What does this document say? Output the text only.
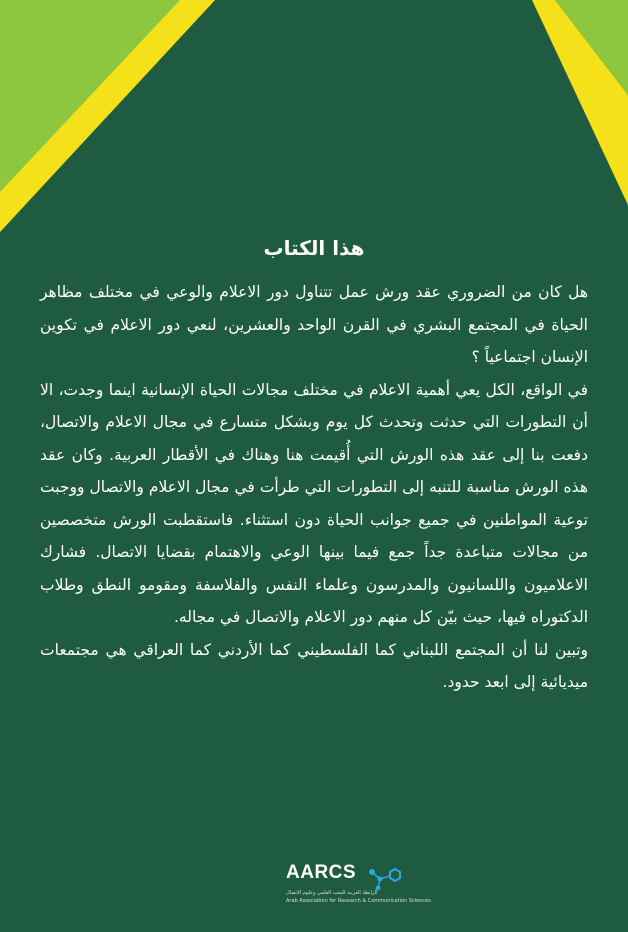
هذا الكتاب

هل كان من الضروري عقد ورش عمل تتناول دور الاعلام والوعي في مختلف مظاهر الحياة في المجتمع البشري في القرن الواحد والعشرين، لنعي دور الاعلام في تكوين الإنسان اجتماعياً ؟

في الواقع، الكل يعي أهمية الاعلام في مختلف مجالات الحياة الإنسانية اينما وجدت، الا أن التطورات التي حدثت وتحدث كل يوم وبشكل متسارع في مجال الاعلام والاتصال، دفعت بنا إلى عقد هذه الورش التي أُقيمت هنا وهناك في الأقطار العربية. وكان عقد هذه الورش مناسبة للتنبه إلى التطورات التي طرأت في مجال الاعلام والاتصال ووجبت توعية المواطنين في جميع جوانب الحياة دون استثناء. فاستقطبت الورش متخصصين من مجالات متباعدة جداً جمع فيما بينها الوعي والاهتمام بقضايا الاتصال. فشارك الاعلاميون واللسانيون والمدرسون وعلماء النفس والفلاسفة ومقومو النطق وطلاب الدكتوراه فيها، حيث بيّن كل منهم دور الاعلام والاتصال في مجاله.

وتبين لنا أن المجتمع اللبناني كما الفلسطيني كما الأردني كما العراقي هي مجتمعات ميديائية إلى ابعد حدود.

AARCS
الرابطة العربية للبحث العلمي وعلوم الاتصال
Arab Association for Research & Communication Sciences
